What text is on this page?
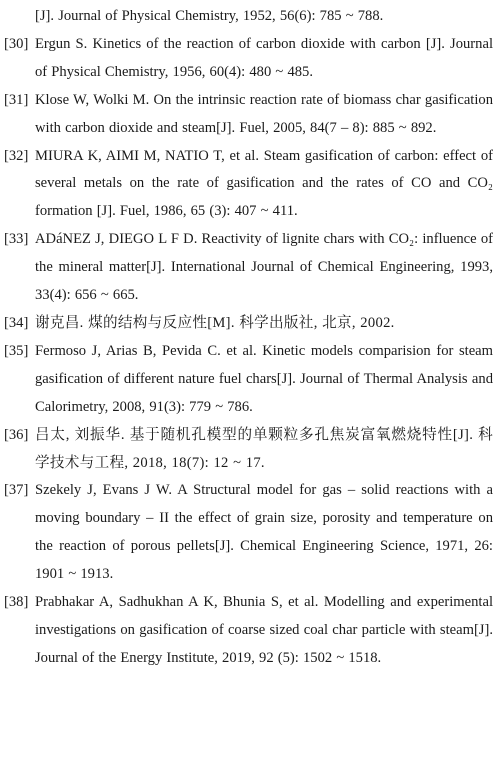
[J]. Journal of Physical Chemistry, 1952, 56(6): 785 ~ 788.
[30] Ergun S. Kinetics of the reaction of carbon dioxide with carbon [J]. Journal of Physical Chemistry, 1956, 60(4): 480 ~ 485.
[31] Klose W, Wolki M. On the intrinsic reaction rate of biomass char gasification with carbon dioxide and steam[J]. Fuel, 2005, 84(7 – 8): 885 ~ 892.
[32] MIURA K, AIMI M, NATIO T, et al. Steam gasification of carbon: effect of several metals on the rate of gasification and the rates of CO and CO₂ formation [J]. Fuel, 1986, 65 (3): 407 ~ 411.
[33] ADáNEZ J, DIEGO L F D. Reactivity of lignite chars with CO₂: influence of the mineral matter[J]. International Journal of Chemical Engineering, 1993, 33(4): 656 ~ 665.
[34] 谢克昌. 煤的结构与反应性[M]. 科学出版社, 北京, 2002.
[35] Fermoso J, Arias B, Pevida C. et al. Kinetic models comparision for steam gasification of different nature fuel chars[J]. Journal of Thermal Analysis and Calorimetry, 2008, 91(3): 779 ~ 786.
[36] 吕太, 刘振华. 基于随机孔模型的单颗粒多孔焦炭富氧燃烧特性[J]. 科学技术与工程, 2018, 18(7): 12 ~ 17.
[37] Szekely J, Evans J W. A Structural model for gas – solid reactions with a moving boundary – II the effect of grain size, porosity and temperature on the reaction of porous pellets[J]. Chemical Engineering Science, 1971, 26: 1901 ~ 1913.
[38] Prabhakar A, Sadhukhan A K, Bhunia S, et al. Modelling and experimental investigations on gasification of coarse sized coal char particle with steam[J]. Journal of the Energy Institute, 2019, 92 (5): 1502 ~ 1518.
